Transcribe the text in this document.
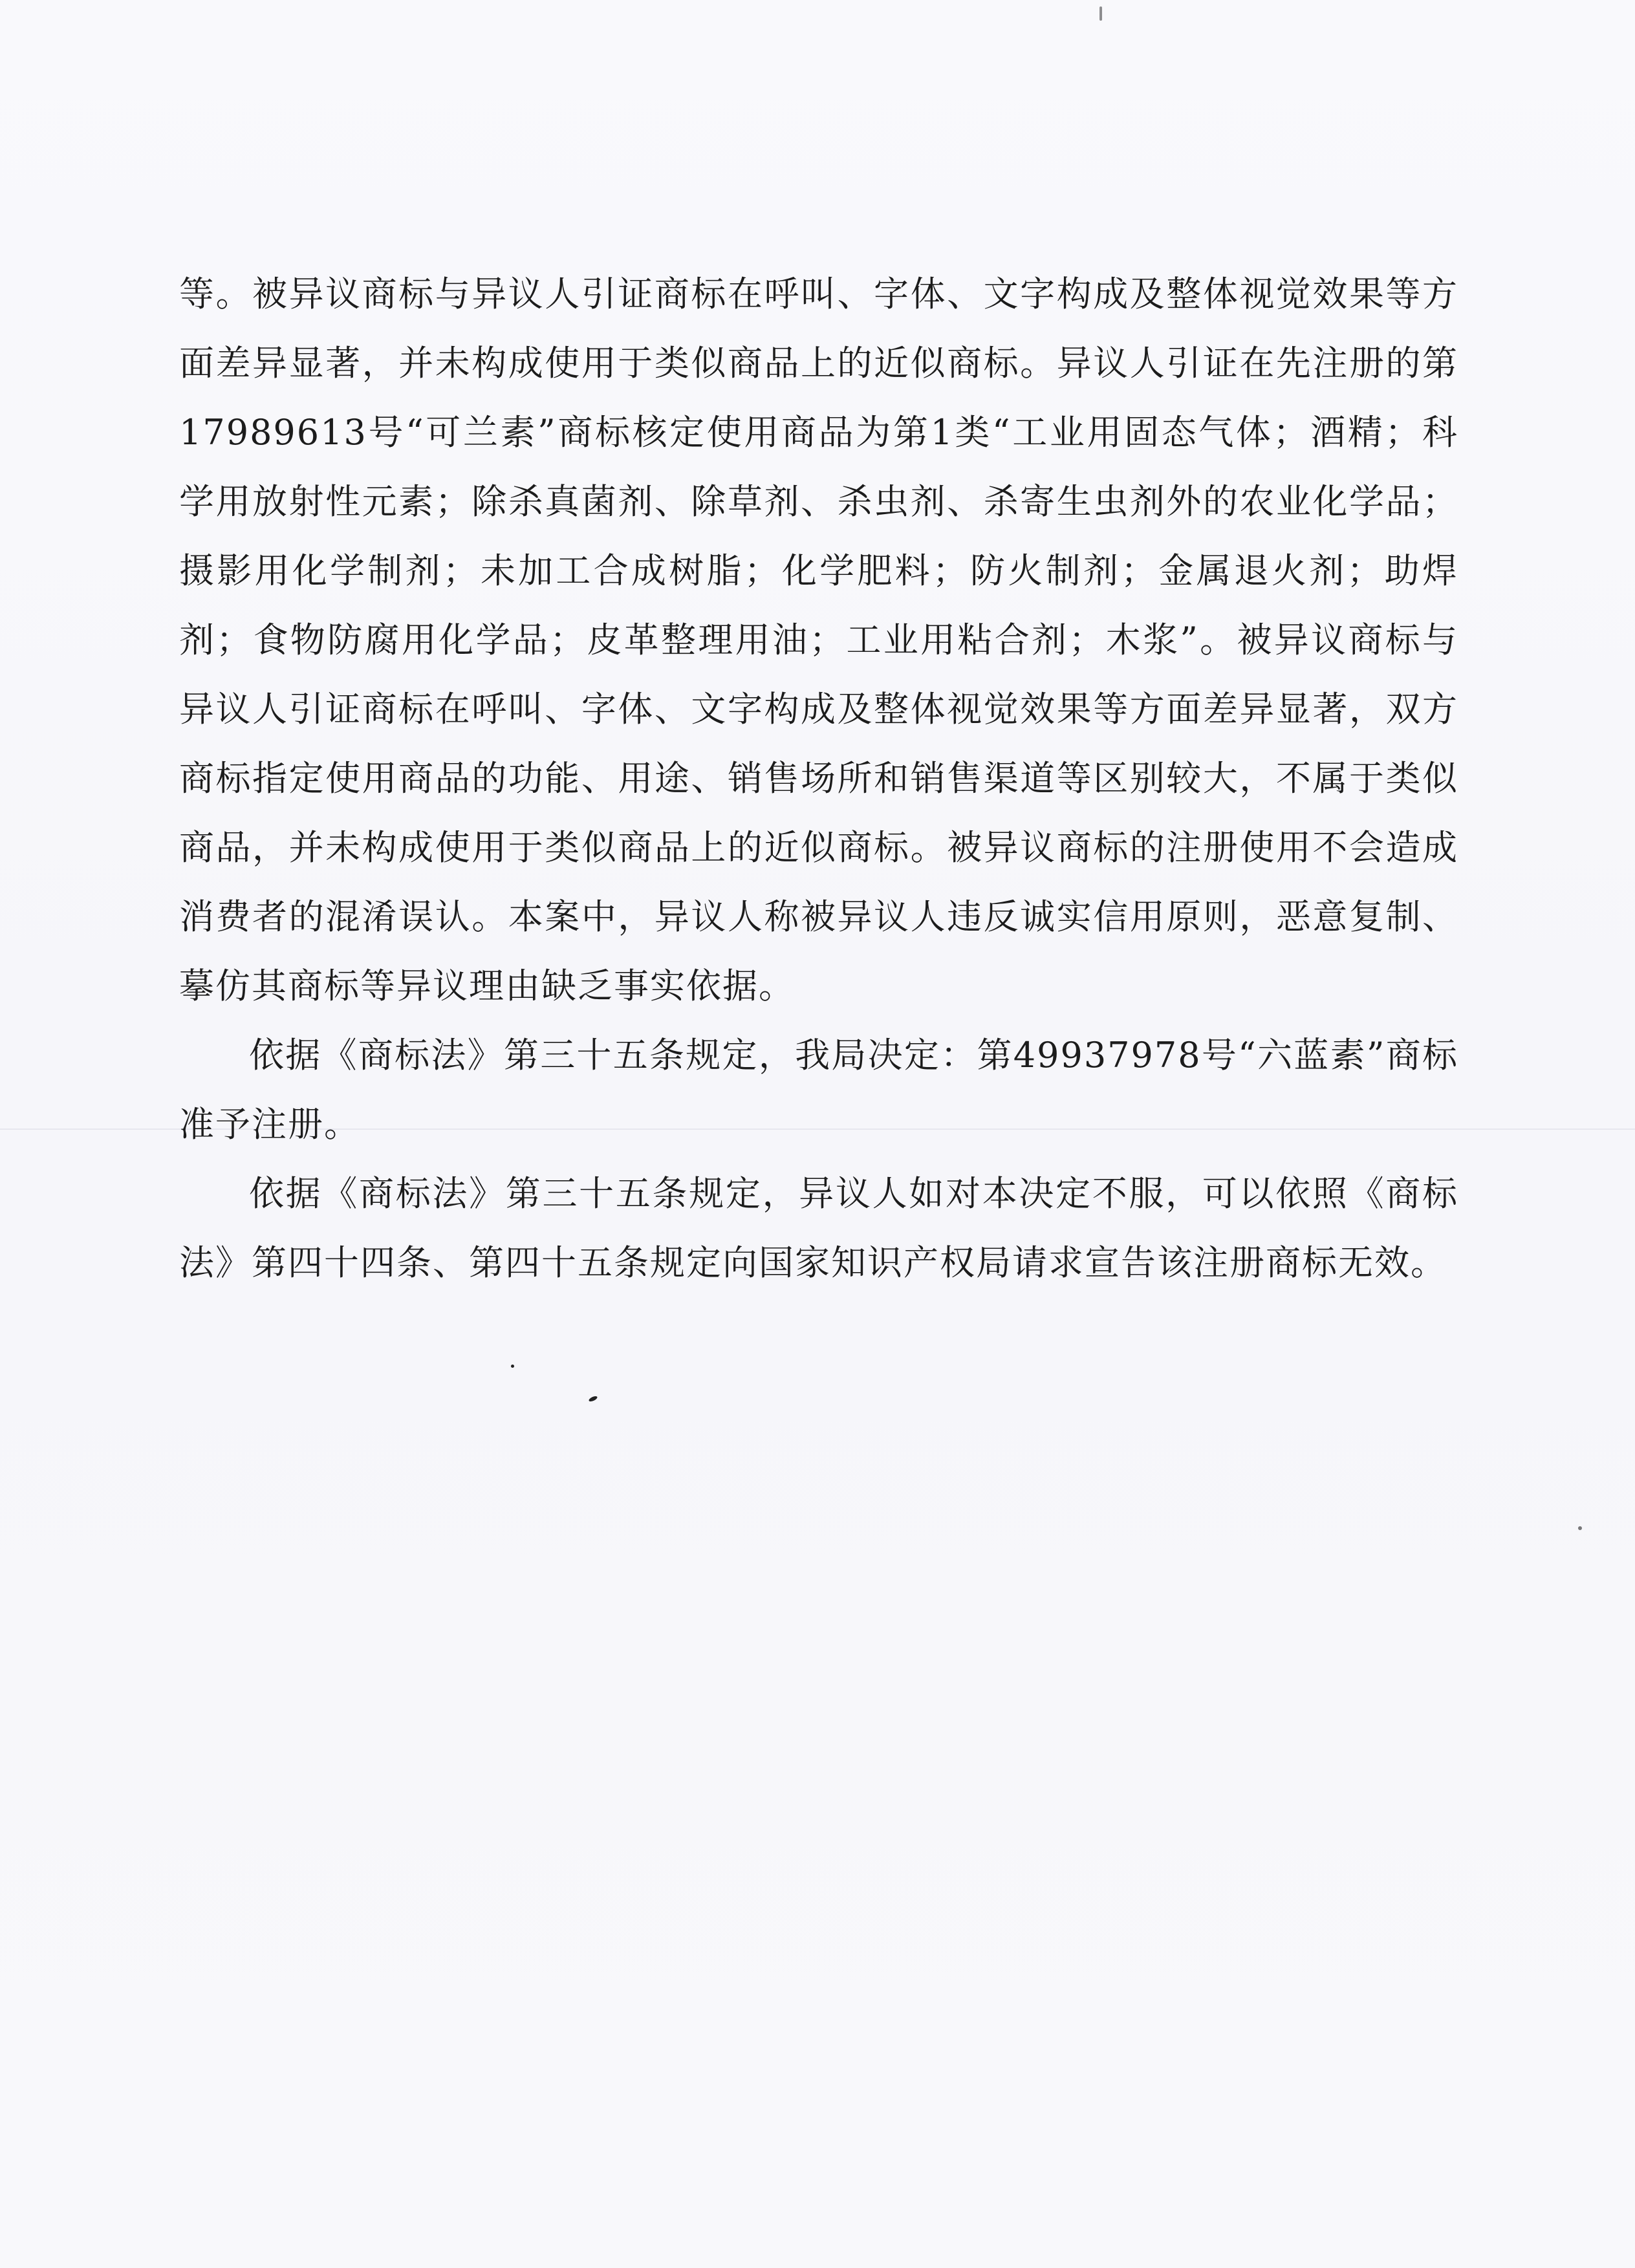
等。被异议商标与异议人引证商标在呼叫、字体、文字构成及整体视觉效果等方面差异显著，并未构成使用于类似商品上的近似商标。异议人引证在先注册的第17989613号“可兰素”商标核定使用商品为第1类“工业用固态气体；酒精；科学用放射性元素；除杀真菌剂、除草剂、杀虫剂、杀寄生虫剂外的农业化学品；摄影用化学制剂；未加工合成树脂；化学肥料；防火制剂；金属退火剂；助焊剂；食物防腐用化学品；皮革整理用油；工业用粘合剂；木浆”。被异议商标与异议人引证商标在呼叫、字体、文字构成及整体视觉效果等方面差异显著，双方商标指定使用商品的功能、用途、销售场所和销售渠道等区别较大，不属于类似商品，并未构成使用于类似商品上的近似商标。被异议商标的注册使用不会造成消费者的混淆误认。本案中，异议人称被异议人违反诚实信用原则，恶意复制、摹仿其商标等异议理由缺乏事实依据。

依据《商标法》第三十五条规定，我局决定：第49937978号“六蓝素”商标准予注册。

依据《商标法》第三十五条规定，异议人如对本决定不服，可以依照《商标法》第四十四条、第四十五条规定向国家知识产权局请求宣告该注册商标无效。
